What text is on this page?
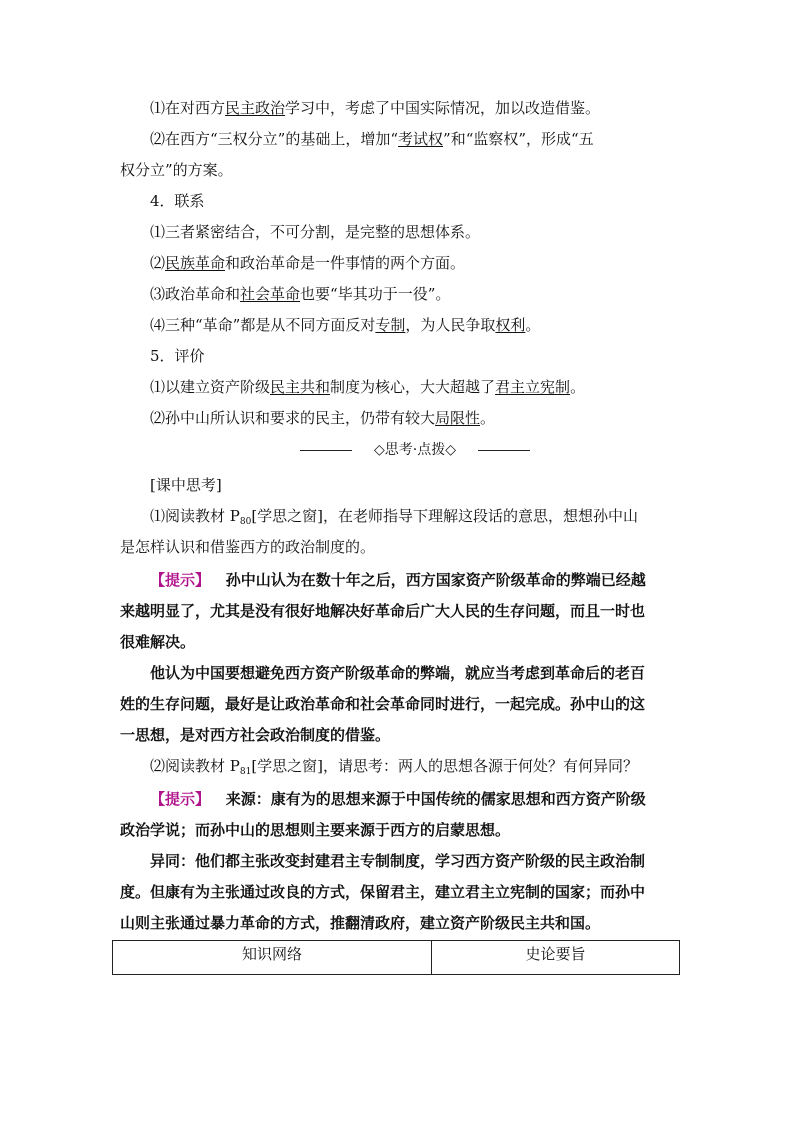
⑴在对西方民主政治学习中，考虑了中国实际情况，加以改造借鉴。
⑵在西方“三权分立”的基础上，增加“考试权”和“监察权”，形成“五
权分立”的方案。
4．联系
⑴三者紧密结合，不可分割，是完整的思想体系。
⑵民族革命和政治革命是一件事情的两个方面。
⑶政治革命和社会革命也要“毕其功于一役”。
⑷三种“革命”都是从不同方面反对专制，为人民争取权利。
5．评价
⑴以建立资产阶级民主共和制度为核心，大大超越了君主立宪制。
⑵孙中山所认识和要求的民主，仍带有较大局限性。
◇思考·点拨◇
[课中思考]
⑴阅读教材 $P_{80}$[学思之窗]，在老师指导下理解这段话的意思，想想孙中山
是怎样认识和借鉴西方的政治制度的。
【提示】 孙中山认为在数十年之后，西方国家资产阶级革命的弊端已经越
来越明显了，尤其是没有很好地解决好革命后广大人民的生存问题，而且一时也
很难解决。
他认为中国要想避免西方资产阶级革命的弊端，就应当考虑到革命后的老百
姓的生存问题，最好是让政治革命和社会革命同时进行，一起完成。孙中山的这
一思想，是对西方社会政治制度的借鉴。
⑵阅读教材 $P_{81}$[学思之窗]，请思考：两人的思想各源于何处？有何异同？
【提示】 来源：康有为的思想来源于中国传统的儒家思想和西方资产阶级
政治学说；而孙中山的思想则主要来源于西方的启蒙思想。
异同：他们都主张改变封建君主专制制度，学习西方资产阶级的民主政治制
度。但康有为主张通过改良的方式，保留君主，建立君主立宪制的国家；而孙中
山则主张通过暴力革命的方式，推翻清政府，建立资产阶级民主共和国。
知识网络	史论要旨
